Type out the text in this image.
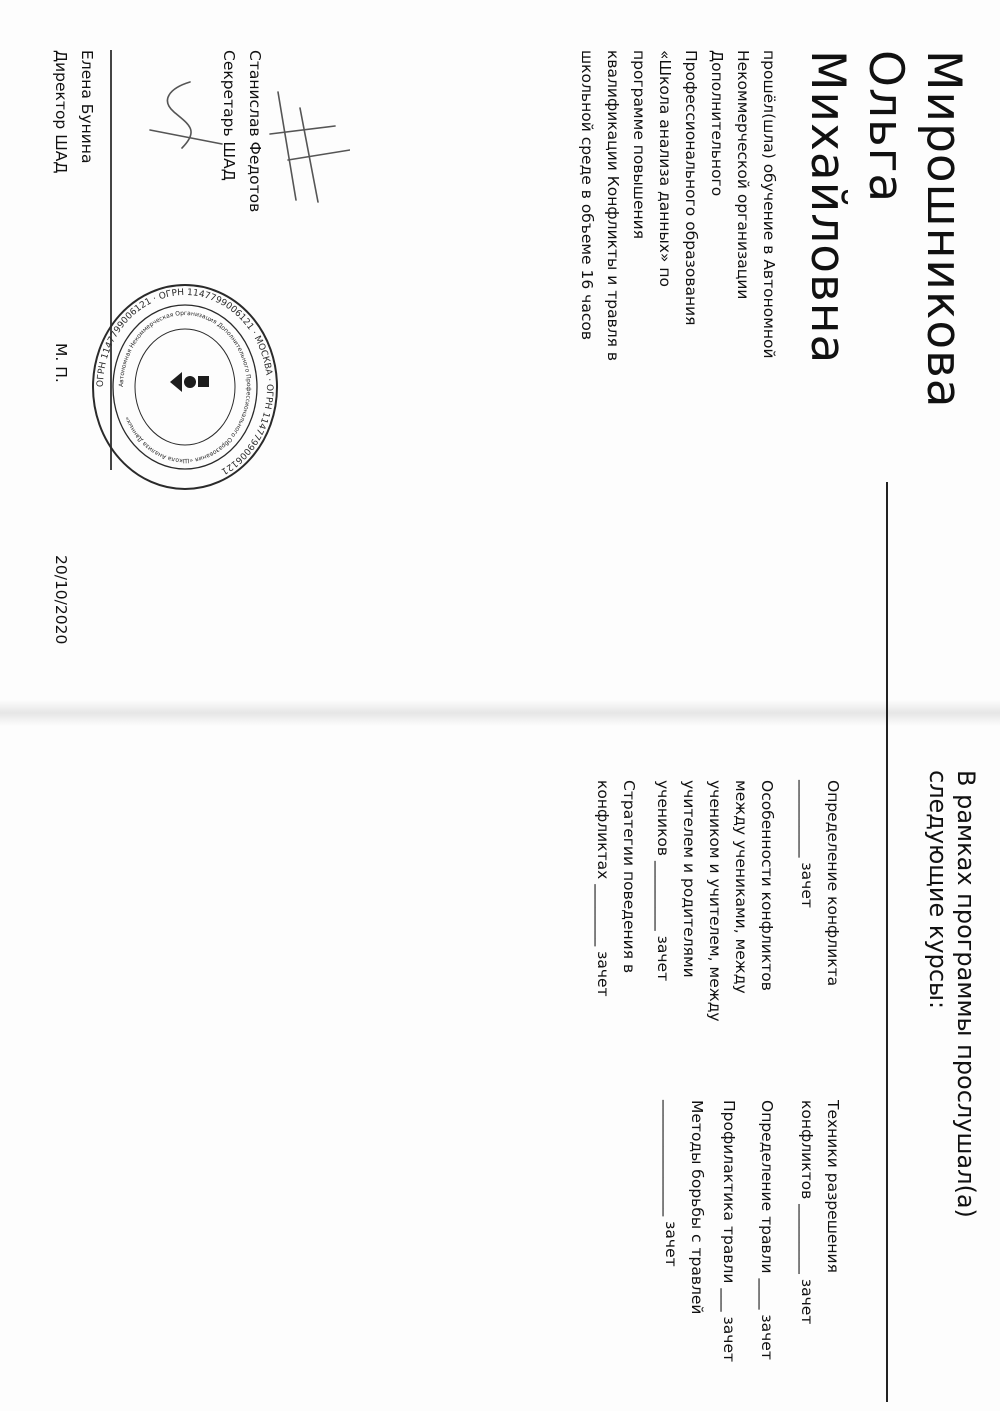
Мирошникова
Ольга
Михайловна
прошёл(шла) обучение в Автономной
Некоммерческой организации
Дополнительного
Профессионального образования
«Школа анализа данных» по
программе повышения
квалификации Конфликты и травля в
школьной среде в объеме 16 часов
Станислав Федотов
Секретарь ШАД
Елена Бунина
Директор ШАД
М. П.
20/10/2020
ОГРН 1147799006121 · ОГРН 1147799006121 · МОСКВА · ОГРН 1147799006121
Автономная Некоммерческая Организация Дополнительного Профессионального Образования «Школа Анализа Данных»
В рамках программы прослушал(а)
следующие курсы:
Определение конфликта
__________ зачет
Особенности конфликтов
между учениками, между
учеником и учителем, между
учителем и родителями
учеников _________ зачет
Стратегии поведения в
конфликтах ________ зачет
Техники разрешения
конфликтов _________ зачет
Определение травли ____ зачет
Профилактика травли ___ зачет
Методы борьбы с травлей
_______________ зачет
